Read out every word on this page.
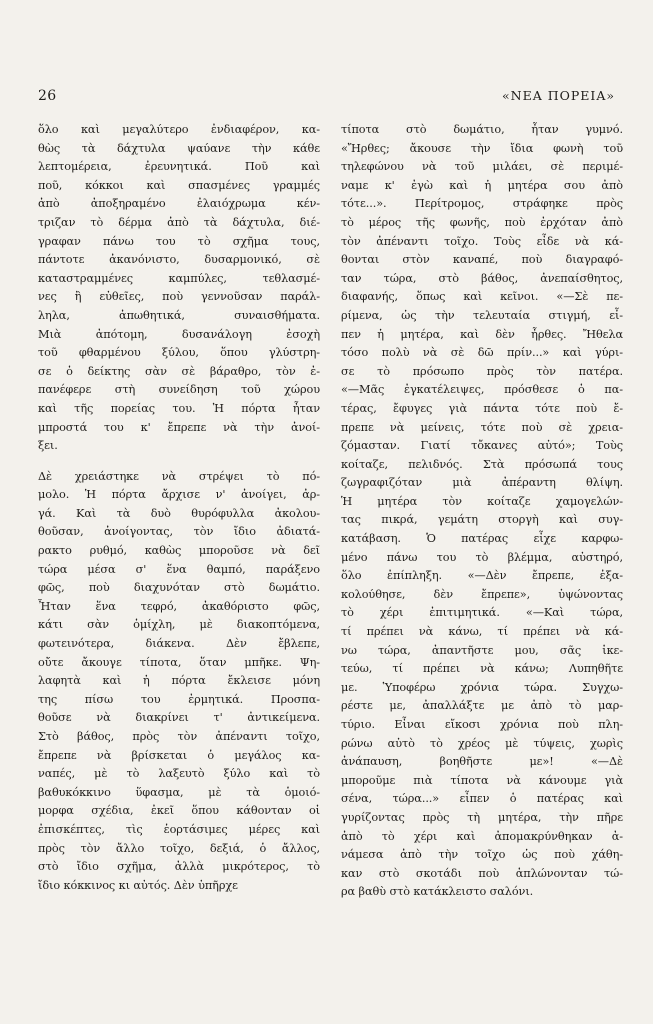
26	«ΝΕΑ ΠΟΡΕΙΑ»
ὅλο καὶ μεγαλύτερο ἐνδιαφέρον, κα-
θὼς τὰ δάχτυλα ψαύανε τὴν κάθε
λεπτομέρεια, ἐρευνητικά. Ποῦ καὶ
ποῦ, κόκκοι καὶ σπασμένες γραμμές
ἀπὸ ἀποξηραμένο ἐλαιόχρωμα κέν-
τριζαν τὸ δέρμα ἀπὸ τὰ δάχτυλα, διέ-
γραφαν πάνω του τὸ σχῆμα τους,
πάντοτε ἀκανόνιστο, δυσαρμονικό, σὲ
καταστραμμένες καμπύλες, τεθλασμέ-
νες ἢ εὐθεῖες, ποὺ γεννοῦσαν παράλ-
ληλα, ἀπωθητικά, συναισθήματα.
Μιὰ ἀπότομη, δυσανάλογη ἐσοχὴ
τοῦ φθαρμένου ξύλου, ὅπου γλύστρη-
σε ὁ δείκτης σὰν σὲ βάραθρο, τὸν ἐ-
πανέφερε στὴ συνείδηση τοῦ χώρου
καὶ τῆς πορείας του. Ἡ πόρτα ἦταν
μπροστά του κ' ἔπρεπε νὰ τὴν ἀνοί-
ξει.
Δὲ χρειάστηκε νὰ στρέψει τὸ πό-
μολο. Ἡ πόρτα ἄρχισε ν' ἀνοίγει, ἀρ-
γά. Καὶ τὰ δυὸ θυρόφυλλα ἀκολου-
θοῦσαν, ἀνοίγοντας, τὸν ἴδιο ἀδιατά-
ρακτο ρυθμό, καθὼς μποροῦσε νὰ δεῖ
τώρα μέσα σ' ἕνα θαμπό, παράξενο
φῶς, ποὺ διαχυνόταν στὸ δωμάτιο.
Ἦταν ἕνα τεφρό, ἀκαθόριστο φῶς,
κάτι σὰν ὁμίχλη, μὲ διακοπτόμενα,
φωτεινότερα, διάκενα. Δὲν ἔβλεπε,
οὔτε ἄκουγε τίποτα, ὅταν μπῆκε. Ψη-
λαφητὰ καὶ ἡ πόρτα ἔκλεισε μόνη
της πίσω του ἐρμητικά. Προσπα-
θοῦσε νὰ διακρίνει τ' ἀντικείμενα.
Στὸ βάθος, πρὸς τὸν ἀπέναντι τοῖχο,
ἔπρεπε νὰ βρίσκεται ὁ μεγάλος κα-
ναπές, μὲ τὸ λαξευτὸ ξύλο καὶ τὸ
βαθυκόκκινο ὕφασμα, μὲ τὰ ὁμοιό-
μορφα σχέδια, ἐκεῖ ὅπου κάθονταν οἱ
ἐπισκέπτες, τὶς ἑορτάσιμες μέρες καὶ
πρὸς τὸν ἄλλο τοῖχο, δεξιά, ὁ ἄλλος,
στὸ ἴδιο σχῆμα, ἀλλὰ μικρότερος, τὸ
ἴδιο κόκκινος κι αὐτός. Δὲν ὑπῆρχε
τίποτα στὸ δωμάτιο, ἦταν γυμνό.
«Ἤρθες; ἄκουσε τὴν ἴδια φωνὴ τοῦ
τηλεφώνου νὰ τοῦ μιλάει, σὲ περιμέ-
ναμε κ' ἐγὼ καὶ ἡ μητέρα σου ἀπὸ
τότε...». Περίτρομος, στράφηκε πρὸς
τὸ μέρος τῆς φωνῆς, ποὺ ἐρχόταν ἀπὸ
τὸν ἀπέναντι τοῖχο. Τοὺς εἶδε νὰ κά-
θονται στὸν καναπέ, ποὺ διαγραφό-
ταν τώρα, στὸ βάθος, ἀνεπαίσθητος,
διαφανής, ὅπως καὶ κεῖνοι. «—Σὲ πε-
ρίμενα, ὡς τὴν τελευταία στιγμή, εἶ-
πεν ἡ μητέρα, καὶ δὲν ἦρθες. Ἤθελα
τόσο πολὺ νὰ σὲ δῶ πρίν...» καὶ γύρι-
σε τὸ πρόσωπο πρὸς τὸν πατέρα.
«—Μᾶς ἐγκατέλειψες, πρόσθεσε ὁ πα-
τέρας, ἔφυγες γιὰ πάντα τότε ποὺ ἔ-
πρεπε νὰ μείνεις, τότε ποὺ σὲ χρεια-
ζόμασταν. Γιατί τὄκανες αὐτό»; Τοὺς
κοίταζε, πελιδνός. Στὰ πρόσωπά τους
ζωγραφιζόταν μιὰ ἀπέραντη θλίψη.
Ἡ μητέρα τὸν κοίταζε χαμογελών-
τας πικρά, γεμάτη στοργὴ καὶ συγ-
κατάβαση. Ὁ πατέρας εἶχε καρφω-
μένο πάνω του τὸ βλέμμα, αὐστηρό,
ὅλο ἐπίπληξη. «—Δὲν ἔπρεπε, ἐξα-
κολούθησε, δὲν ἔπρεπε», ὑψώνοντας
τὸ χέρι ἐπιτιμητικά. «—Καὶ τώρα,
τί πρέπει νὰ κάνω, τί πρέπει νὰ κά-
νω τώρα, ἀπαντῆστε μου, σᾶς ἱκε-
τεύω, τί πρέπει νὰ κάνω; Λυπηθῆτε
με. Ὑποφέρω χρόνια τώρα. Συγχω-
ρέστε με, ἀπαλλάξτε με ἀπὸ τὸ μαρ-
τύριο. Εἶναι εἴκοσι χρόνια ποὺ πλη-
ρώνω αὐτὸ τὸ χρέος μὲ τύψεις, χωρὶς
ἀνάπαυση, βοηθῆστε με»! «—Δὲ
μποροῦμε πιὰ τίποτα νὰ κάνουμε γιὰ
σένα, τώρα...» εἶπεν ὁ πατέρας καὶ
γυρίζοντας πρὸς τὴ μητέρα, τὴν πῆρε
ἀπὸ τὸ χέρι καὶ ἀπομακρύνθηκαν ἀ-
νάμεσα ἀπὸ τὴν τοῖχο ὡς ποὺ χάθη-
καν στὸ σκοτάδι ποὺ ἁπλώνονταν τώ-
ρα βαθὺ στὸ κατάκλειστο σαλόνι.
